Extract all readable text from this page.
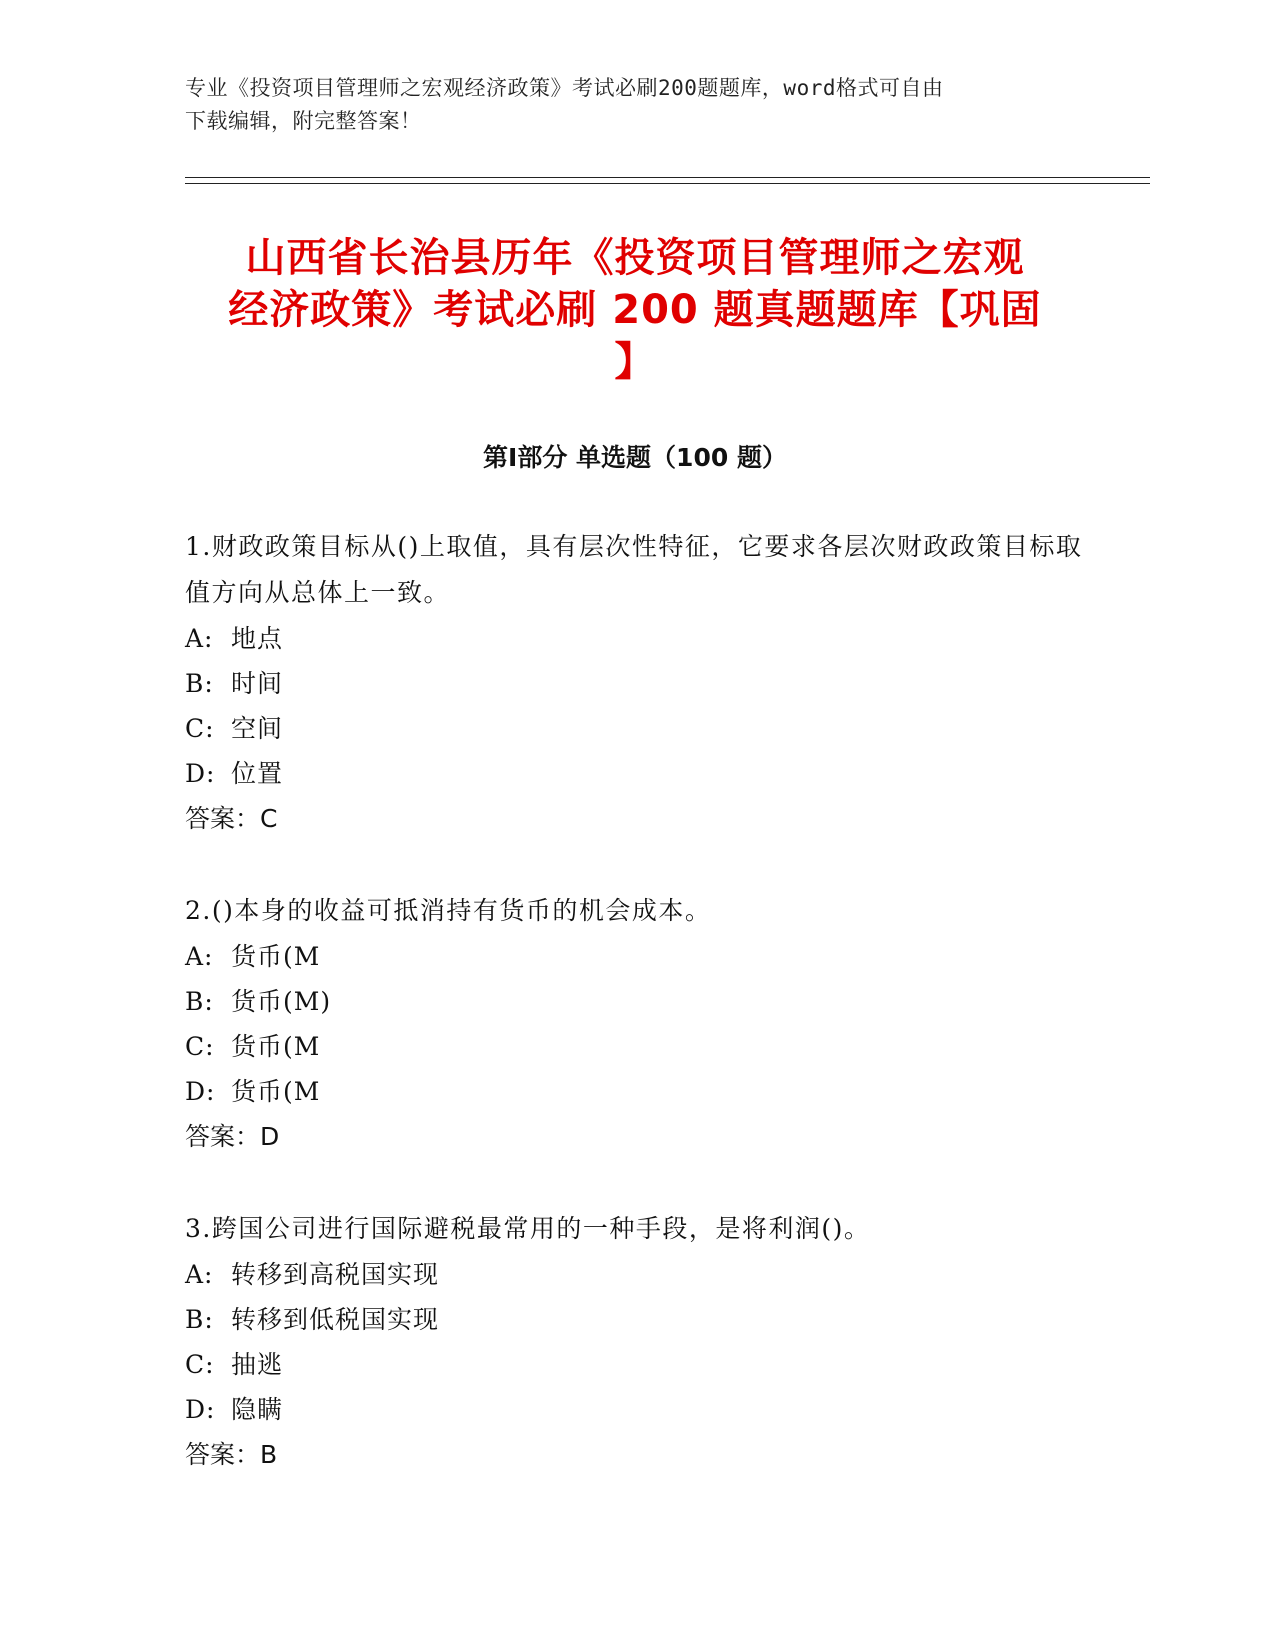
专业《投资项目管理师之宏观经济政策》考试必刷200题题库，word格式可自由
下载编辑，附完整答案！
山西省长治县历年《投资项目管理师之宏观
经济政策》考试必刷 200 题真题题库【巩固
】
第Ⅰ部分 单选题（100 题）
1.财政政策目标从()上取值，具有层次性特征，它要求各层次财政政策目标取值方向从总体上一致。
A: 地点
B: 时间
C: 空间
D: 位置
答案：C
2.()本身的收益可抵消持有货币的机会成本。
A: 货币(M
B: 货币(M)
C: 货币(M
D: 货币(M
答案：D
3.跨国公司进行国际避税最常用的一种手段，是将利润()。
A: 转移到高税国实现
B: 转移到低税国实现
C: 抽逃
D: 隐瞒
答案：B
